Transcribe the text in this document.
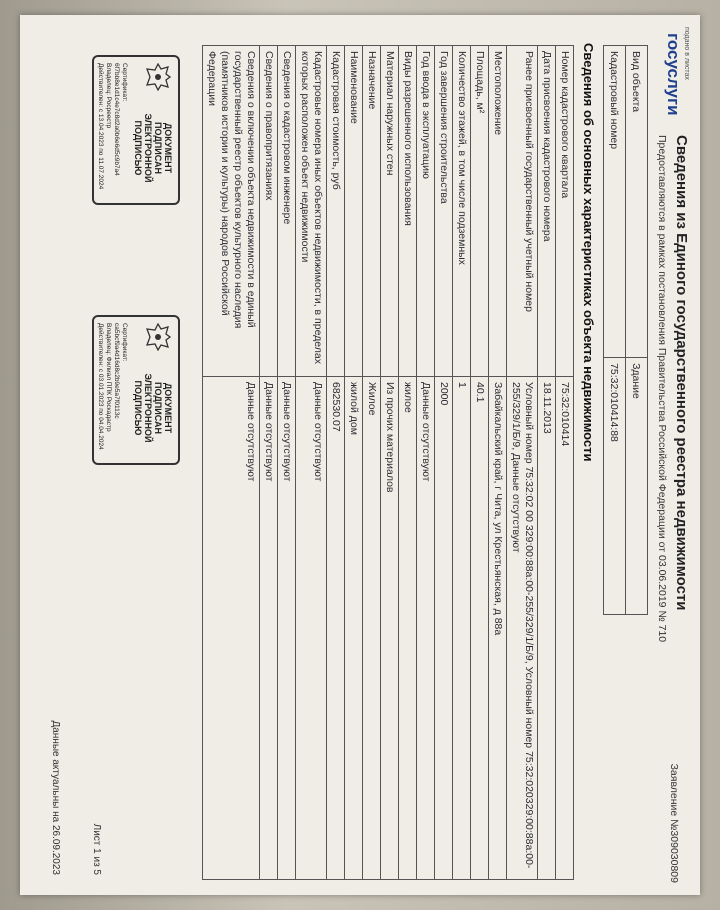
подано в листах
госуслуги
Сведения из Единого государственного реестра недвижимости
Предоставляются в рамках постановления Правительства Российской Федерации от 03.06.2019 № 710
Заявление №309030809
Вид объекта	Здание
Кадастровый номер	75:32:010414:88
Сведения об основных характеристиках объекта недвижимости
Номер кадастрового квартала	75:32:010414
Дата присвоения кадастрового номера	18.11.2013
Ранее присвоенный государственный учетный номер	Условный номер 75:32:02 00 329:00:88а:00-255/329/1/Б/9, Условный номер 75:32:020329:00:88а:00-255/329/1/Б/9, Данные отсутствуют
Местоположение	Забайкальский край, г Чита, ул Крестьянская, д 88а
Площадь, м²	40.1
Количество этажей, в том числе подземных	1
Год завершения строительства	2000
Год ввода в эксплуатацию	Данные отсутствуют
Виды разрешенного использования	жилое
Материал наружных стен	Из прочих материалов
Назначение	Жилое
Наименование	жилой дом
Кадастровая стоимость, руб	682530.07
Кадастровые номера иных объектов недвижимости, в пределах которых расположен объект недвижимости	Данные отсутствуют
Сведения о кадастровом инженере	Данные отсутствуют
Сведения о правопритязаниях	Данные отсутствуют
Сведения о включении объекта недвижимости в единый государственный реестр объектов культурного наследия (памятников истории и культуры) народов Российской Федерации	Данные отсутствуют
ДОКУМЕНТ ПОДПИСАН ЭЛЕКТРОННОЙ ПОДПИСЬЮ
Сертификат: 6f7bb8e1d1c4e7c8d2a0b6e6d5c9b7a4
Владелец: Росреестр
Действителен: с 13.04.2023 по 11.07.2024
ДОКУМЕНТ ПОДПИСАН ЭЛЕКТРОННОЙ ПОДПИСЬЮ
Сертификат: ca5bcf9a4d16d8c2b9e5a7f0113c
Владелец: Филиал ППК Роскадастр
Действителен: с 03.01.2023 по 04.04.2024
Лист 1 из 5
Данные актуальны на 26.09.2023
